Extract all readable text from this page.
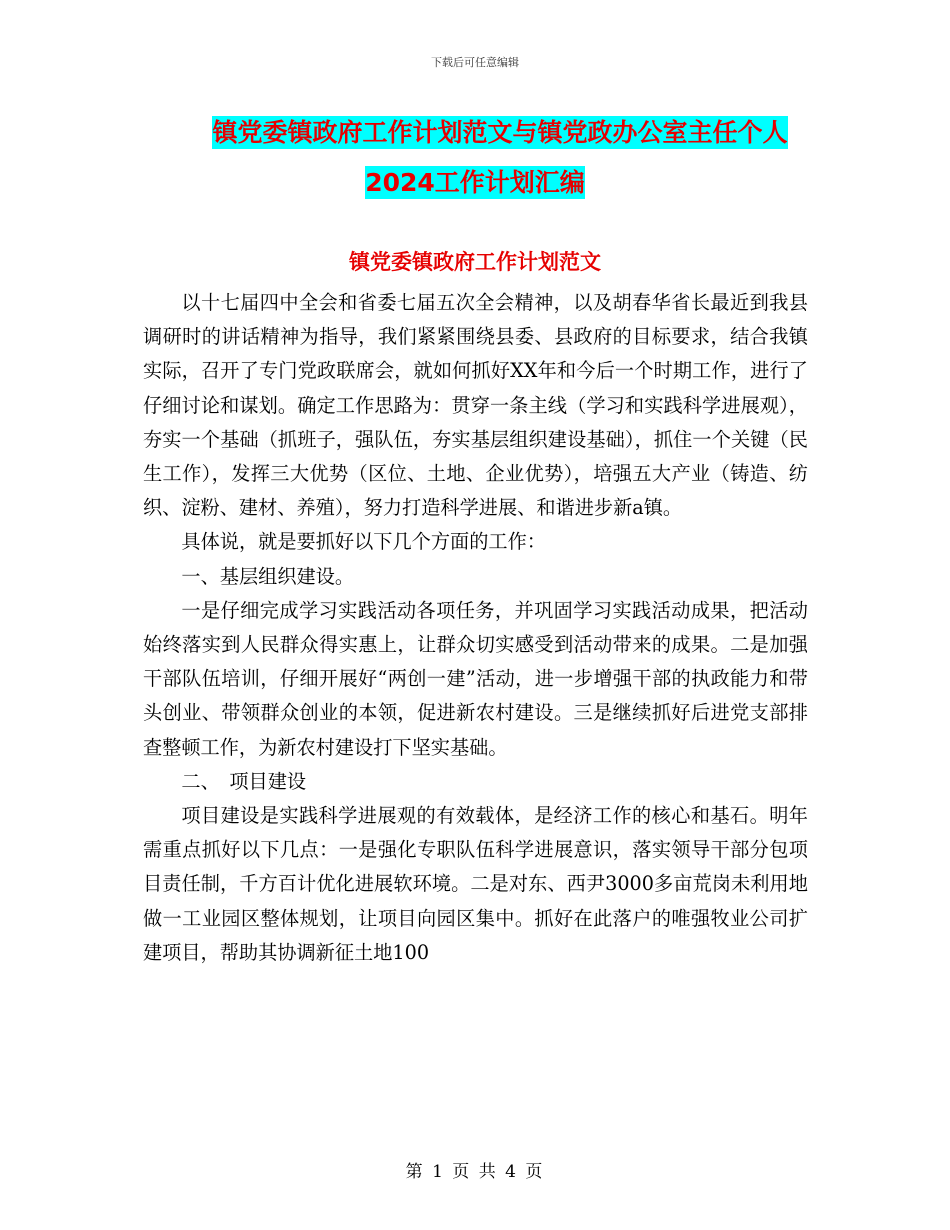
下载后可任意编辑
镇党委镇政府工作计划范文与镇党政办公室主任个人
2024工作计划汇编
镇党委镇政府工作计划范文

以十七届四中全会和省委七届五次全会精神，以及胡春华省长最近到我县调研时的讲话精神为指导，我们紧紧围绕县委、县政府的目标要求，结合我镇实际，召开了专门党政联席会，就如何抓好XX年和今后一个时期工作，进行了仔细讨论和谋划。确定工作思路为：贯穿一条主线（学习和实践科学进展观），夯实一个基础（抓班子，强队伍，夯实基层组织建设基础），抓住一个关键（民生工作），发挥三大优势（区位、土地、企业优势），培强五大产业（铸造、纺织、淀粉、建材、养殖），努力打造科学进展、和谐进步新a镇。

具体说，就是要抓好以下几个方面的工作：

一、基层组织建设。

一是仔细完成学习实践活动各项任务，并巩固学习实践活动成果，把活动始终落实到人民群众得实惠上，让群众切实感受到活动带来的成果。二是加强干部队伍培训，仔细开展好“两创一建”活动，进一步增强干部的执政能力和带头创业、带领群众创业的本领，促进新农村建设。三是继续抓好后进党支部排查整顿工作，为新农村建设打下坚实基础。

二、　项目建设

项目建设是实践科学进展观的有效载体，是经济工作的核心和基石。明年需重点抓好以下几点：一是强化专职队伍科学进展意识，落实领导干部分包项目责任制，千方百计优化进展软环境。二是对东、西尹3000多亩荒岗未利用地做一工业园区整体规划，让项目向园区集中。抓好在此落户的唯强牧业公司扩建项目，帮助其协调新征土地100

第 1 页 共 4 页
